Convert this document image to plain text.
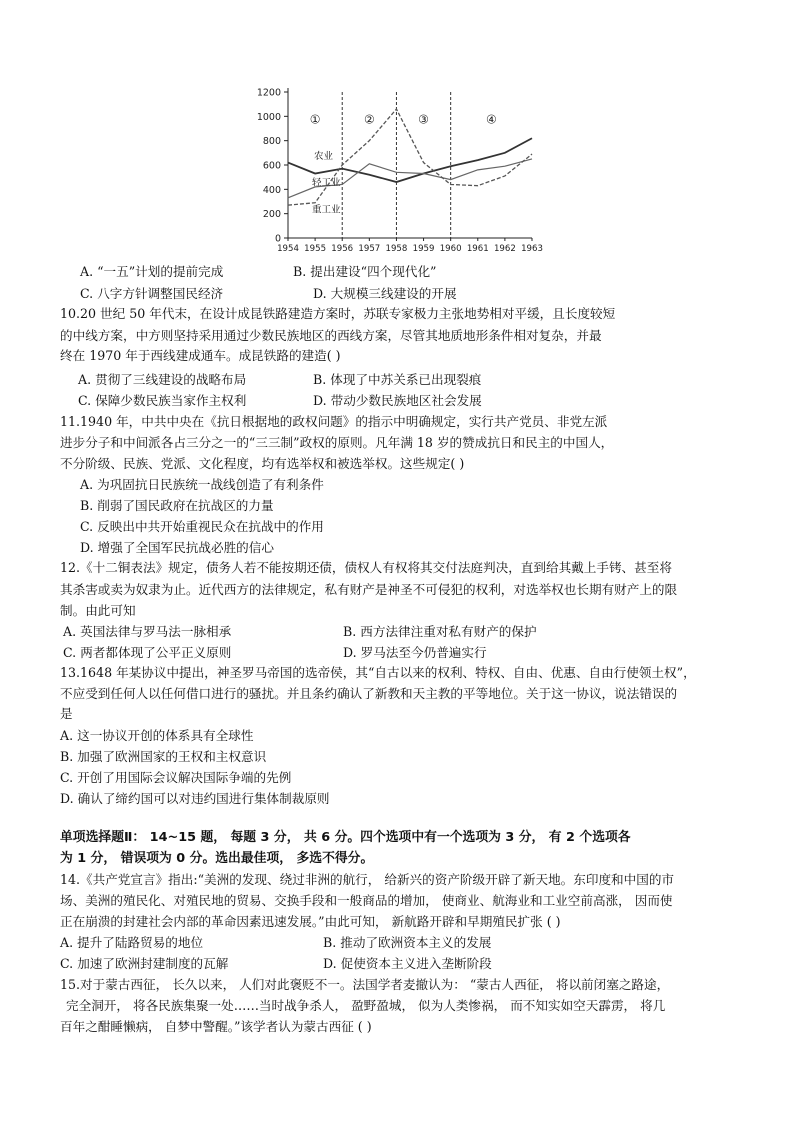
0
200
400
600
800
1000
1200
1954 1955 1956 1957 1958 1959 1960 1961 1962 1963
①	②	③	④
农业
轻工业
重工业
A. “一五”计划的提前完成	B. 提出建设“四个现代化”
C. 八字方针调整国民经济	D. 大规模三线建设的开展
10.20 世纪 50 年代末，在设计成昆铁路建造方案时，苏联专家极力主张地势相对平缓，且长度较短
的中线方案，中方则坚持采用通过少数民族地区的西线方案，尽管其地质地形条件相对复杂，并最
终在 1970 年于西线建成通车。成昆铁路的建造( )
A. 贯彻了三线建设的战略布局	B. 体现了中苏关系已出现裂痕
C. 保障少数民族当家作主权利	D. 带动少数民族地区社会发展
11.1940 年，中共中央在《抗日根据地的政权问题》的指示中明确规定，实行共产党员、非党左派
进步分子和中间派各占三分之一的“三三制”政权的原则。凡年满 18 岁的赞成抗日和民主的中国人，
不分阶级、民族、党派、文化程度，均有选举权和被选举权。这些规定( )
A. 为巩固抗日民族统一战线创造了有利条件
B. 削弱了国民政府在抗战区的力量
C. 反映出中共开始重视民众在抗战中的作用
D. 增强了全国军民抗战必胜的信心
12.《十二铜表法》规定，债务人若不能按期还债，债权人有权将其交付法庭判决，直到给其戴上手铐、甚至将
其杀害或卖为奴隶为止。近代西方的法律规定，私有财产是神圣不可侵犯的权利，对选举权也长期有财产上的限
制。由此可知
A. 英国法律与罗马法一脉相承	B. 西方法律注重对私有财产的保护
C. 两者都体现了公平正义原则	D. 罗马法至今仍普遍实行
13.1648 年某协议中提出，神圣罗马帝国的选帝侯，其“自古以来的权利、特权、自由、优惠、自由行使领土权”，
不应受到任何人以任何借口进行的骚扰。并且条约确认了新教和天主教的平等地位。关于这一协议，说法错误的
是
A. 这一协议开创的体系具有全球性
B. 加强了欧洲国家的王权和主权意识
C. 开创了用国际会议解决国际争端的先例
D. 确认了缔约国可以对违约国进行集体制裁原则
单项选择题Ⅱ： 14~15 题， 每题 3 分， 共 6 分。四个选项中有一个选项为 3 分， 有 2 个选项各
为 1 分， 错误项为 0 分。选出最佳项， 多选不得分。
14.《共产党宣言》指出:“美洲的发现、绕过非洲的航行， 给新兴的资产阶级开辟了新天地。东印度和中国的市
场、美洲的殖民化、对殖民地的贸易、交换手段和一般商品的增加， 使商业、航海业和工业空前高涨， 因而使
正在崩溃的封建社会内部的革命因素迅速发展。”由此可知， 新航路开辟和早期殖民扩张 ( )
A. 提升了陆路贸易的地位	B. 推动了欧洲资本主义的发展
C. 加速了欧洲封建制度的瓦解	D. 促使资本主义进入垄断阶段
15.对于蒙古西征， 长久以来， 人们对此褒贬不一。法国学者麦撤认为： “蒙古人西征， 将以前闭塞之路途，
完全洞开， 将各民族集聚一处……当时战争杀人， 盈野盈城， 似为人类惨祸， 而不知实如空天霹雳， 将几
百年之酣睡懒病， 自梦中警醒。”该学者认为蒙古西征 ( )
